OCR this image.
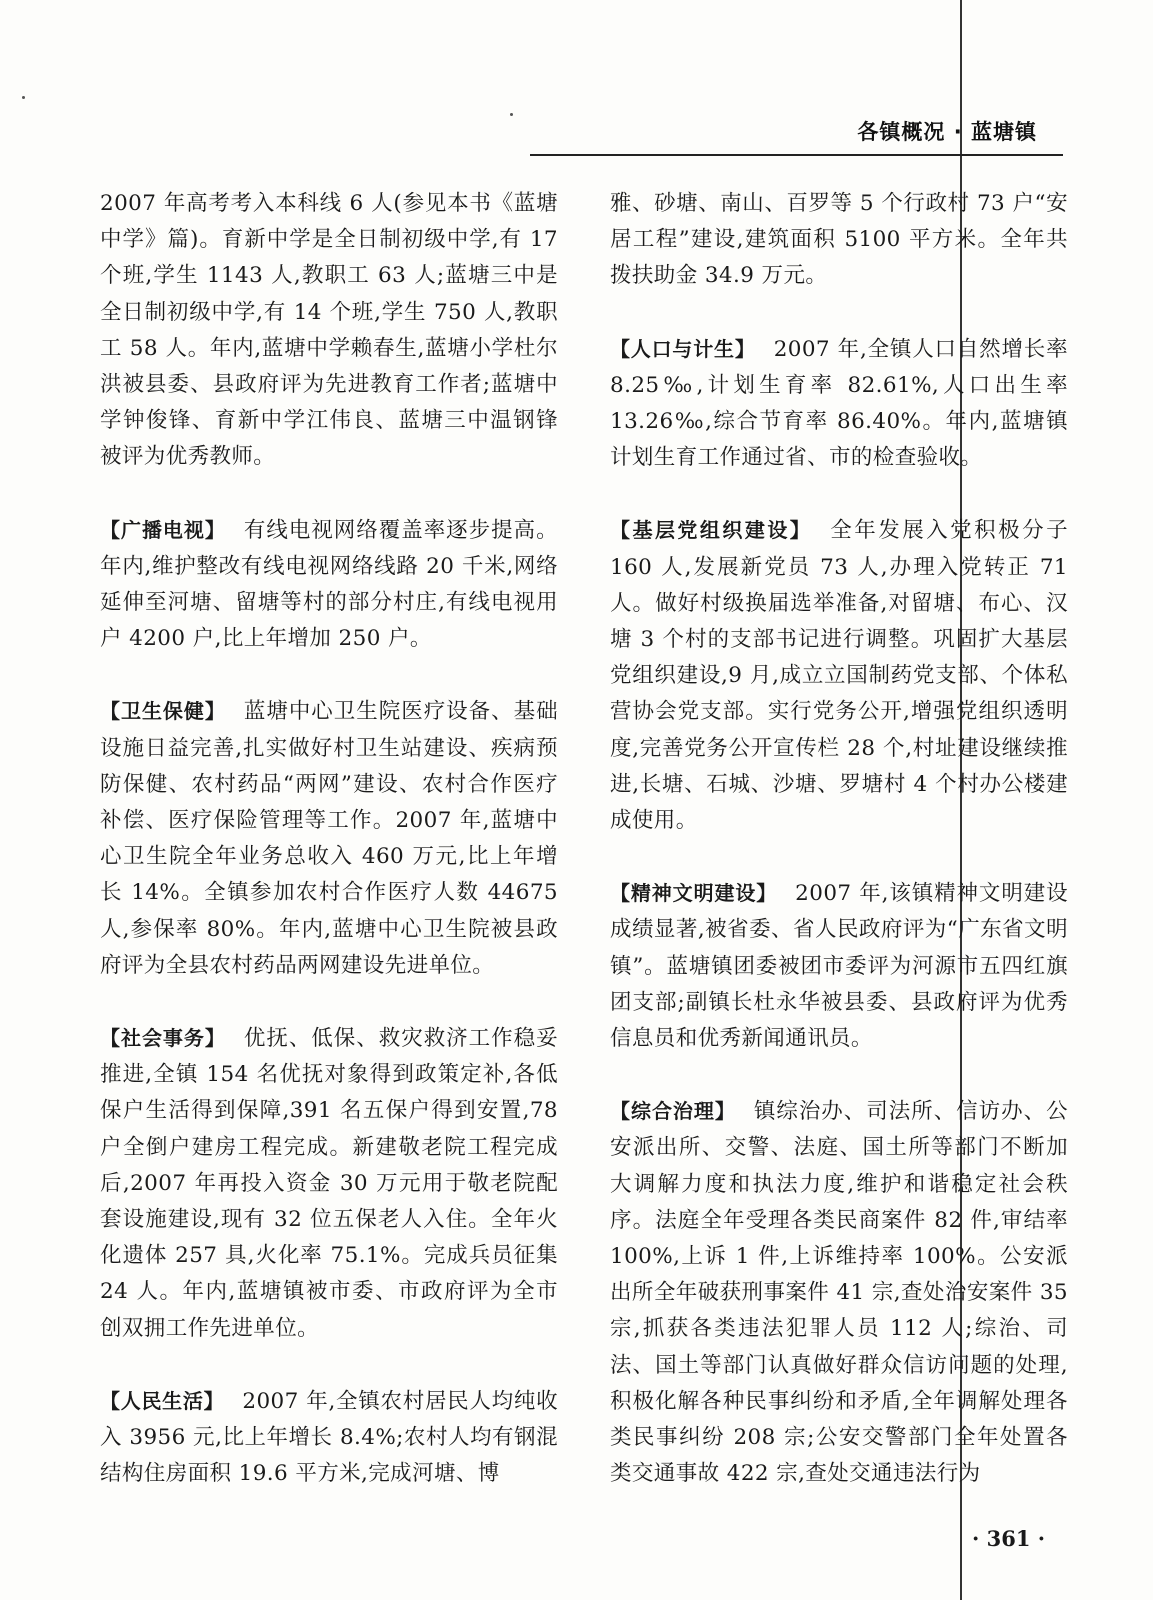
各镇概况 · 蓝塘镇

2007 年高考考入本科线 6 人(参见本书《蓝塘中学》篇)。育新中学是全日制初级中学,有 17 个班,学生 1143 人,教职工 63 人;蓝塘三中是全日制初级中学,有 14 个班,学生 750 人,教职工 58 人。年内,蓝塘中学赖春生,蓝塘小学杜尔洪被县委、县政府评为先进教育工作者;蓝塘中学钟俊锋、育新中学江伟良、蓝塘三中温钢锋被评为优秀教师。

【广播电视】 有线电视网络覆盖率逐步提高。年内,维护整改有线电视网络线路 20 千米,网络延伸至河塘、留塘等村的部分村庄,有线电视用户 4200 户,比上年增加 250 户。

【卫生保健】 蓝塘中心卫生院医疗设备、基础设施日益完善,扎实做好村卫生站建设、疾病预防保健、农村药品“两网”建设、农村合作医疗补偿、医疗保险管理等工作。2007 年,蓝塘中心卫生院全年业务总收入 460 万元,比上年增长 14%。全镇参加农村合作医疗人数 44675 人,参保率 80%。年内,蓝塘中心卫生院被县政府评为全县农村药品两网建设先进单位。

【社会事务】 优抚、低保、救灾救济工作稳妥推进,全镇 154 名优抚对象得到政策定补,各低保户生活得到保障,391 名五保户得到安置,78 户全倒户建房工程完成。新建敬老院工程完成后,2007 年再投入资金 30 万元用于敬老院配套设施建设,现有 32 位五保老人入住。全年火化遗体 257 具,火化率 75.1%。完成兵员征集 24 人。年内,蓝塘镇被市委、市政府评为全市创双拥工作先进单位。

【人民生活】 2007 年,全镇农村居民人均纯收入 3956 元,比上年增长 8.4%;农村人均有钢混结构住房面积 19.6 平方米,完成河塘、博

雅、砂塘、南山、百罗等 5 个行政村 73 户“安居工程”建设,建筑面积 5100 平方米。全年共拨扶助金 34.9 万元。

【人口与计生】 2007 年,全镇人口自然增长率 8.25‰,计划生育率 82.61%,人口出生率 13.26‰,综合节育率 86.40%。年内,蓝塘镇计划生育工作通过省、市的检查验收。

【基层党组织建设】 全年发展入党积极分子 160 人,发展新党员 73 人,办理入党转正 71 人。做好村级换届选举准备,对留塘、布心、汉塘 3 个村的支部书记进行调整。巩固扩大基层党组织建设,9 月,成立立国制药党支部、个体私营协会党支部。实行党务公开,增强党组织透明度,完善党务公开宣传栏 28 个,村址建设继续推进,长塘、石城、沙塘、罗塘村 4 个村办公楼建成使用。

【精神文明建设】 2007 年,该镇精神文明建设成绩显著,被省委、省人民政府评为“广东省文明镇”。蓝塘镇团委被团市委评为河源市五四红旗团支部;副镇长杜永华被县委、县政府评为优秀信息员和优秀新闻通讯员。

【综合治理】 镇综治办、司法所、信访办、公安派出所、交警、法庭、国土所等部门不断加大调解力度和执法力度,维护和谐稳定社会秩序。法庭全年受理各类民商案件 82 件,审结率 100%,上诉 1 件,上诉维持率 100%。公安派出所全年破获刑事案件 41 宗,查处治安案件 35 宗,抓获各类违法犯罪人员 112 人;综治、司法、国土等部门认真做好群众信访问题的处理,积极化解各种民事纠纷和矛盾,全年调解处理各类民事纠纷 208 宗;公安交警部门全年处置各类交通事故 422 宗,查处交通违法行为

· 361 ·
